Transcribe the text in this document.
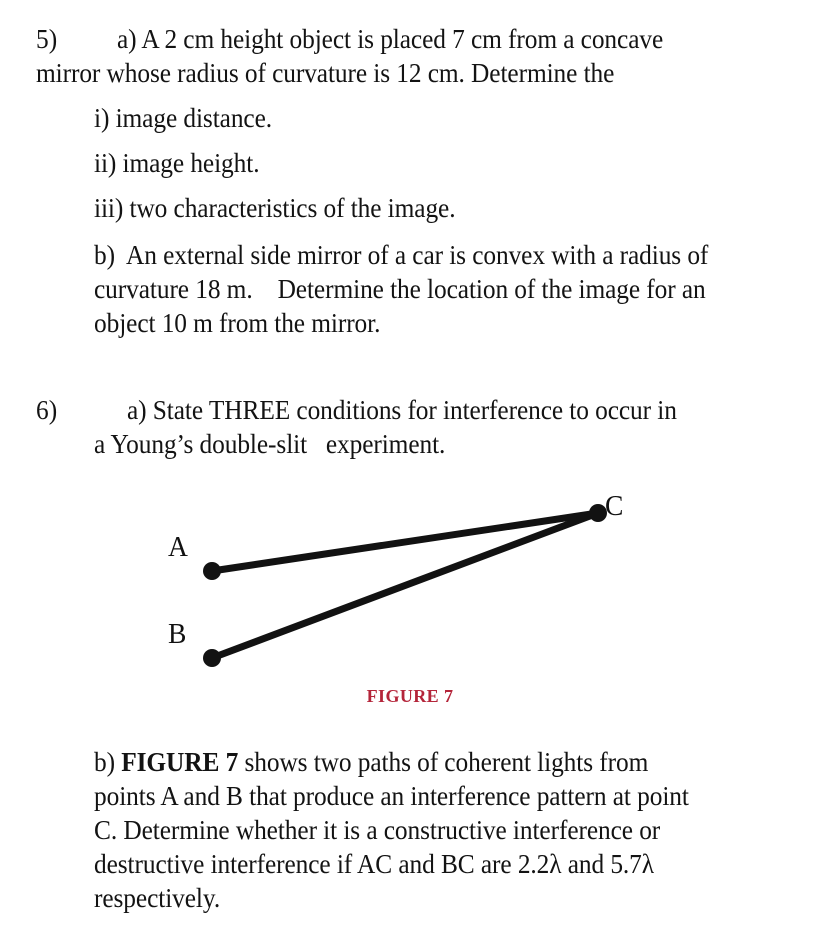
5) a) A 2 cm height object is placed 7 cm from a concave
mirror whose radius of curvature is 12 cm. Determine the
i) image distance.
ii) image height.
iii) two characteristics of the image.
b)  An external side mirror of a car is convex with a radius of curvature 18 m.    Determine the location of the image for an object 10 m from the mirror.
6)	a) State THREE conditions for interference to occur in
a Young’s double-slit   experiment.
A
B
C
FIGURE 7
b) FIGURE 7 shows two paths of coherent lights from points A and B that produce an interference pattern at point C. Determine whether it is a constructive interference or destructive interference if AC and BC are 2.2λ and 5.7λ respectively.
